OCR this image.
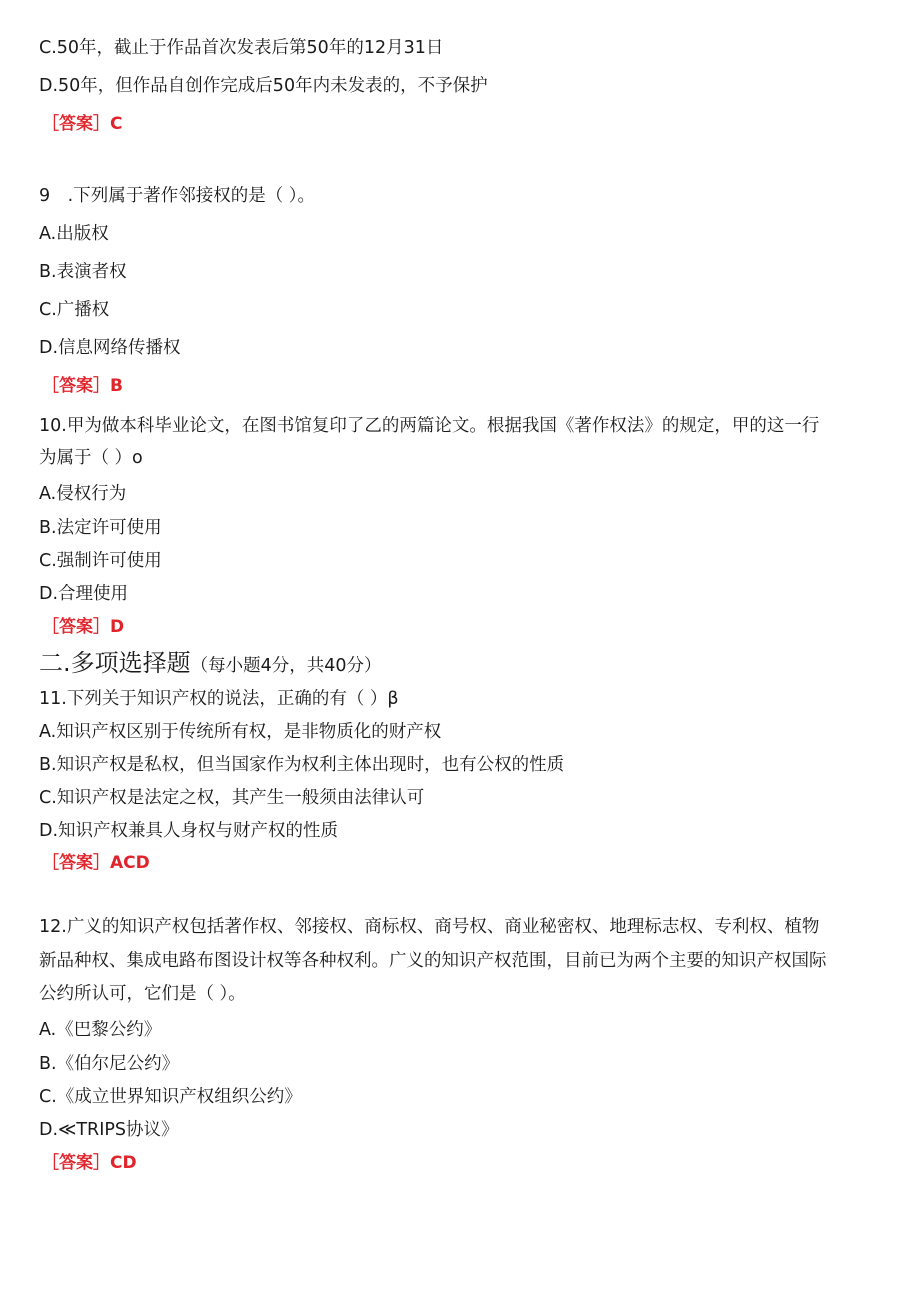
C.50年，截止于作品首次发表后第50年的12月31日
D.50年，但作品自创作完成后50年内未发表的，不予保护
［答案］C
9　.下列属于著作邻接权的是（ ）。
A.出版权
B.表演者权
C.广播权
D.信息网络传播权
［答案］B
10.甲为做本科毕业论文，在图书馆复印了乙的两篇论文。根据我国《著作权法》的规定，甲的这一行
为属于（ ）o
A.侵权行为
B.法定许可使用
C.强制许可使用
D.合理使用
［答案］D
二.多项选择题（每小题4分，共40分）
11.下列关于知识产权的说法，正确的有（ ）β
A.知识产权区别于传统所有权，是非物质化的财产权
B.知识产权是私权，但当国家作为权利主体出现时，也有公权的性质
C.知识产权是法定之权，其产生一般须由法律认可
D.知识产权兼具人身权与财产权的性质
［答案］ACD
12.广义的知识产权包括著作权、邻接权、商标权、商号权、商业秘密权、地理标志权、专利权、植物
新品种权、集成电路布图设计权等各种权利。广义的知识产权范围，目前已为两个主要的知识产权国际
公约所认可，它们是（ ）。
A.《巴黎公约》
B.《伯尔尼公约》
C.《成立世界知识产权组织公约》
D.≪TRIPS协议》
［答案］CD
